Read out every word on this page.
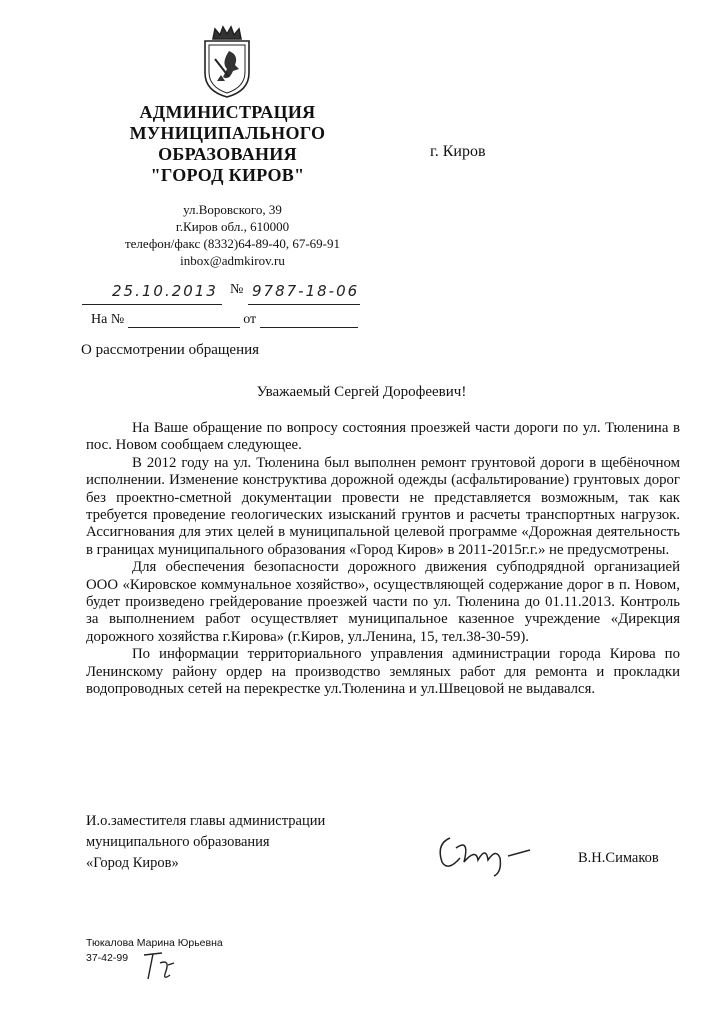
АДМИНИСТРАЦИЯ
МУНИЦИПАЛЬНОГО
ОБРАЗОВАНИЯ
"ГОРОД КИРОВ"
г. Киров
ул.Воровского, 39
г.Киров обл., 610000
телефон/факс (8332)64-89-40, 67-69-91
inbox@admkirov.ru
25.10.2013 № 9787-18-06
На №	от
О рассмотрении обращения
Уважаемый Сергей Дорофеевич!

На Ваше обращение по вопросу состояния проезжей части дороги по ул. Тюленина в пос. Новом сообщаем следующее.

В 2012 году на ул. Тюленина был выполнен ремонт грунтовой дороги в щебёночном исполнении. Изменение конструктива дорожной одежды (асфальтирование) грунтовых дорог без проектно-сметной документации провести не представляется возможным, так как требуется проведение геологических изысканий грунтов и расчеты транспортных нагрузок. Ассигнования для этих целей в муниципальной целевой программе «Дорожная деятельность в границах муниципального образования «Город Киров» в 2011-2015г.г.» не предусмотрены.

Для обеспечения безопасности дорожного движения субподрядной организацией ООО «Кировское коммунальное хозяйство», осуществляющей содержание дорог в п. Новом, будет произведено грейдерование проезжей части по ул. Тюленина до 01.11.2013. Контроль за выполнением работ осуществляет муниципальное казенное учреждение «Дирекция дорожного хозяйства г.Кирова» (г.Киров, ул.Ленина, 15, тел.38-30-59).

По информации территориального управления администрации города Кирова по Ленинскому району ордер на производство земляных работ для ремонта и прокладки водопроводных сетей на перекрестке ул.Тюленина и ул.Швецовой не выдавался.

И.о.заместителя главы администрации
муниципального образования
«Город Киров»	В.Н.Симаков
Тюкалова Марина Юрьевна
37-42-99
